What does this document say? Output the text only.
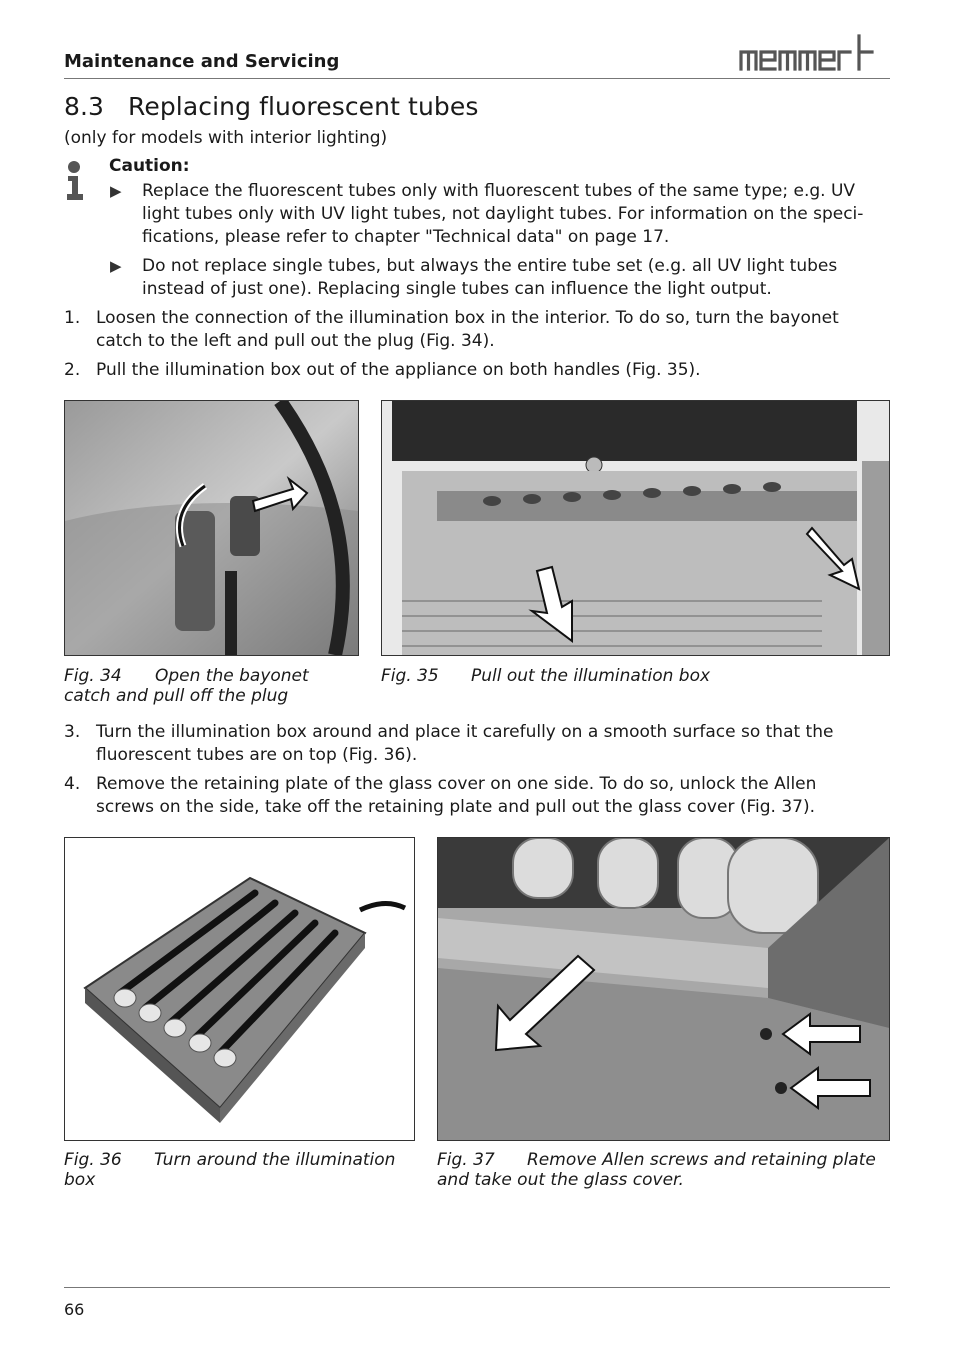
Maintenance and Servicing
8.3 Replacing fluorescent tubes
(only for models with interior lighting)
Caution:
▶ Replace the fluorescent tubes only with fluorescent tubes of the same type; e.g. UV
light tubes only with UV light tubes, not daylight tubes. For information on the speci-
fications, please refer to chapter "Technical data" on page 17.
▶ Do not replace single tubes, but always the entire tube set (e.g. all UV light tubes
instead of just one). Replacing single tubes can influence the light output.
1. Loosen the connection of the illumination box in the interior. To do so, turn the bayonet
catch to the left and pull out the plug (Fig. 34).
2. Pull the illumination box out of the appliance on both handles (Fig. 35).
Fig. 34 Open the bayonet
catch and pull off the plug
Fig. 35 Pull out the illumination box
3. Turn the illumination box around and place it carefully on a smooth surface so that the
fluorescent tubes are on top (Fig. 36).
4. Remove the retaining plate of the glass cover on one side. To do so, unlock the Allen
screws on the side, take off the retaining plate and pull out the glass cover (Fig. 37).
Fig. 36 Turn around the illumination
box
Fig. 37 Remove Allen screws and retaining plate
and take out the glass cover.
66
